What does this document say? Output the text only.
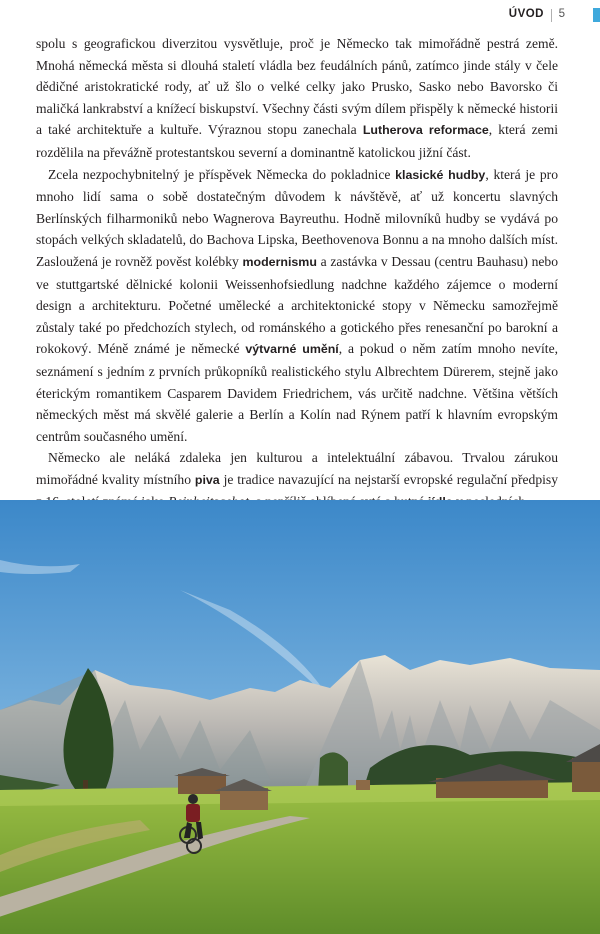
ÚVOD 5

spolu s geografickou diverzitou vysvětluje, proč je Německo tak mimořádně pestrá země. Mnohá německá města si dlouhá staletí vládla bez feudálních pánů, zatímco jinde stály v čele dědičné aristokratické rody, ať už šlo o velké celky jako Prusko, Sasko nebo Bavorsko či maličká lankrabství a knížecí biskupství. Všechny části svým dílem přispěly k německé historii a také architektuře a kultuře. Výraznou stopu zanechala Lutherova reformace, která zemi rozdělila na převážně protestantskou severní a dominantně katolickou jižní část.

Zcela nezpochybnitelný je příspěvek Německa do pokladnice klasické hudby, která je pro mnoho lidí sama o sobě dostatečným důvodem k návštěvě, ať už koncertu slavných Berlínských filharmoniků nebo Wagnerova Bayreuthu. Hodně milovníků hudby se vydává po stopách velkých skladatelů, do Bachova Lipska, Beethovenova Bonnu a na mnoho dalších míst. Zasloužená je rovněž pověst kolébky modernismu a zastávka v Dessau (centru Bauhasu) nebo ve stuttgartské dělnické kolonii Weissenhofsiedlung nadchne každého zájemce o moderní design a architekturu. Početné umělecké a architektonické stopy v Německu samozřejmě zůstaly také po předchozích stylech, od románského a gotického přes renesanční po barokní a rokokový. Méně známé je německé výtvarné umění, a pokud o něm zatím mnoho nevíte, seznámení s jedním z prvních průkopníků realistického stylu Albrechtem Dürerem, stejně jako éterickým romantikem Casparem Davidem Friedrichem, vás určitě nadchne. Většina větších německých měst má skvělé galerie a Berlín a Kolín nad Rýnem patří k hlavním evropským centrům současného umění.

Německo ale neláká zdaleka jen kulturou a intelektuální zábavou. Trvalou zárukou mimořádné kvality místního piva je tradice navazující na nejstarší evropské regulační předpisy
